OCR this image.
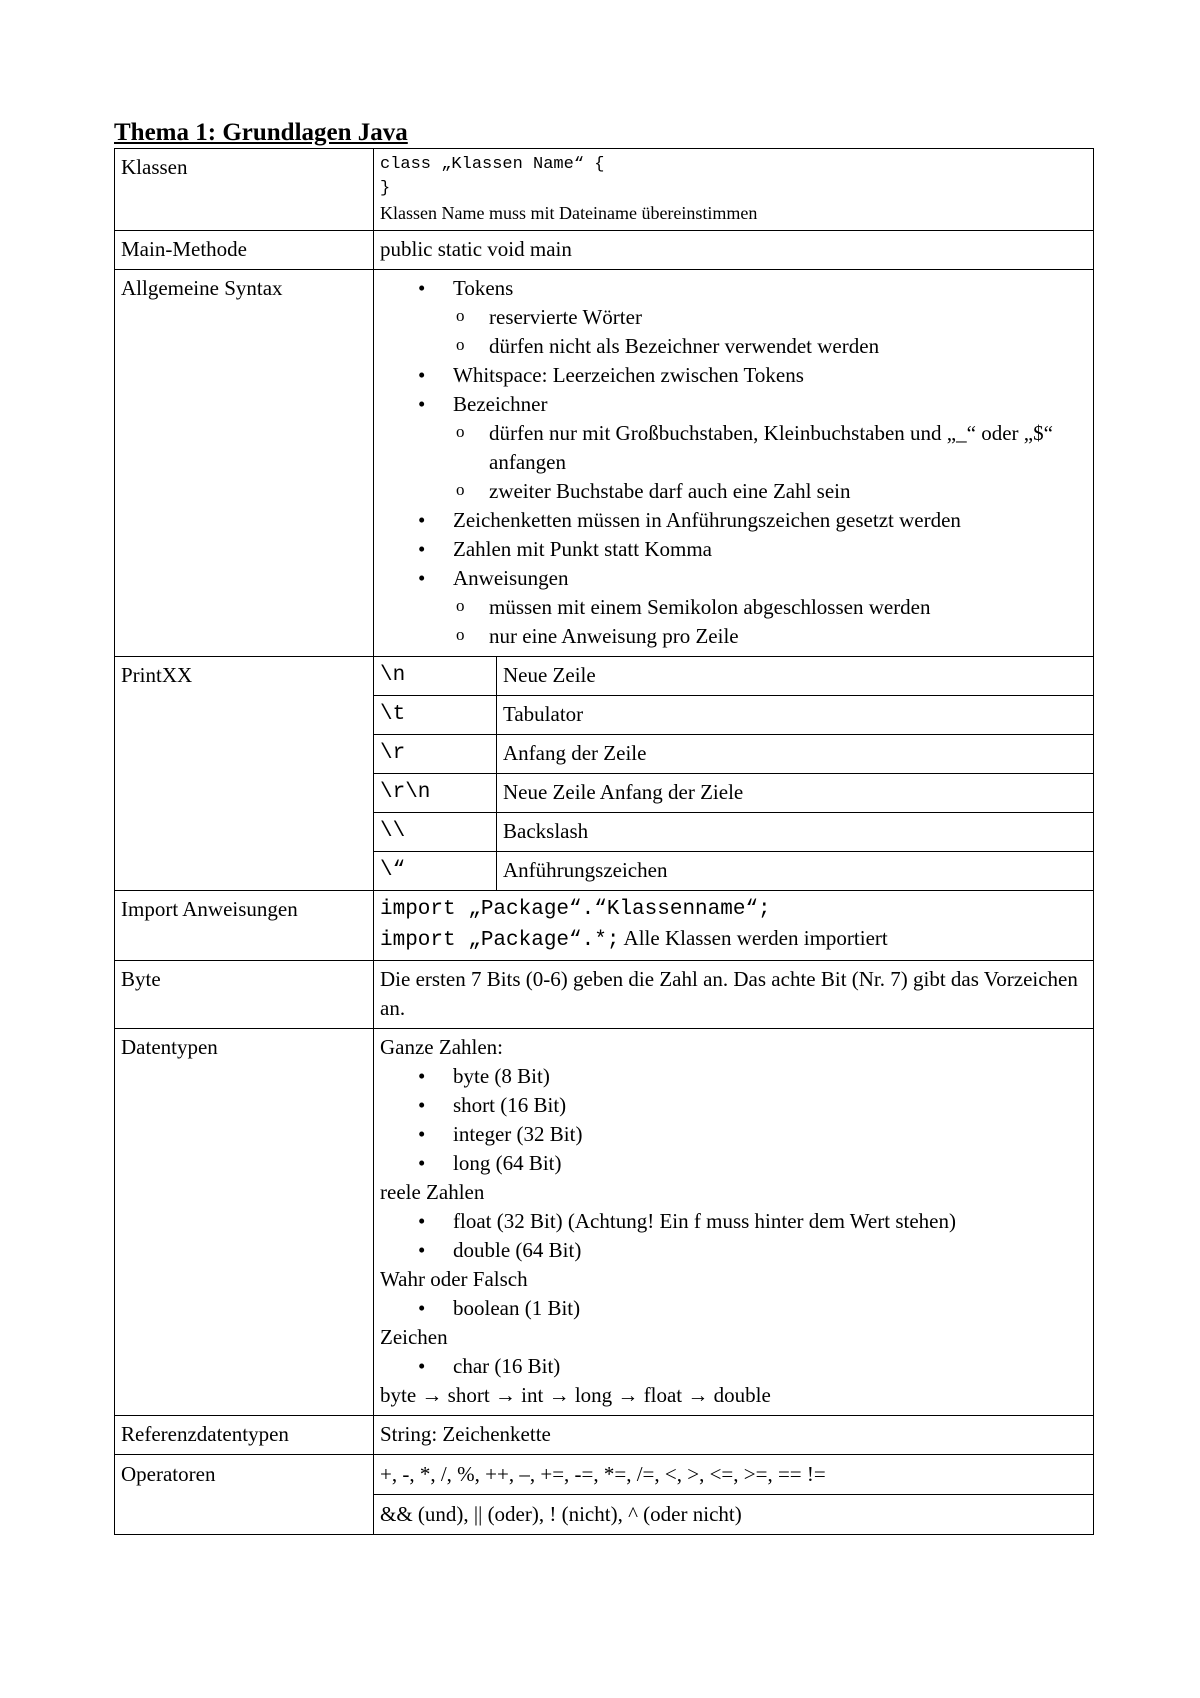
Thema 1: Grundlagen Java
Klassen	class „Klassen Name“ {
}
Klassen Name muss mit Dateiname übereinstimmen

Main-Methode	public static void main
Allgemeine Syntax	
•Tokens
o reservierte Wörter
o dürfen nicht als Bezeichner verwendet werden
• Whitspace: Leerzeichen zwischen Tokens
• Bezeichner
o dürfen nur mit Großbuchstaben, Kleinbuchstaben und „_“ oder „$“ anfangen
o zweiter Buchstabe darf auch eine Zahl sein
• Zeichenketten müssen in Anführungszeichen gesetzt werden
• Zahlen mit Punkt statt Komma
• Anweisungen
o müssen mit einem Semikolon abgeschlossen werden
o nur eine Anweisung pro Zeile

PrintXX		\n	Neue Zeile
\t	Tabulator
\r	Anfang der Zeile
\r\n	Neue Zeile Anfang der Ziele
\\	Backslash
\“	Anführungszeichen

Import Anweisungen	import „Package“.“Klassenname“;
import „Package“.*; Alle Klassen werden importiert

Byte	Die ersten 7 Bits (0-6) geben die Zahl an. Das achte Bit (Nr. 7) gibt das Vorzeichen an.
Datentypen	Ganze Zahlen:
• byte (8 Bit)
• short (16 Bit)
• integer (32 Bit)
• long (64 Bit)
reele Zahlen
• float (32 Bit) (Achtung! Ein f muss hinter dem Wert stehen)
• double (64 Bit)
Wahr oder Falsch
• boolean (1 Bit)
Zeichen
• char (16 Bit)
byte → short → int → long → float → double

Referenzdatentypen	String: Zeichenkette
Operatoren	+, -, *, /, %, ++, –, +=, -=, *=, /=, <, >, <=, >=, == !=
&& (und), || (oder), ! (nicht), ^ (oder nicht)
